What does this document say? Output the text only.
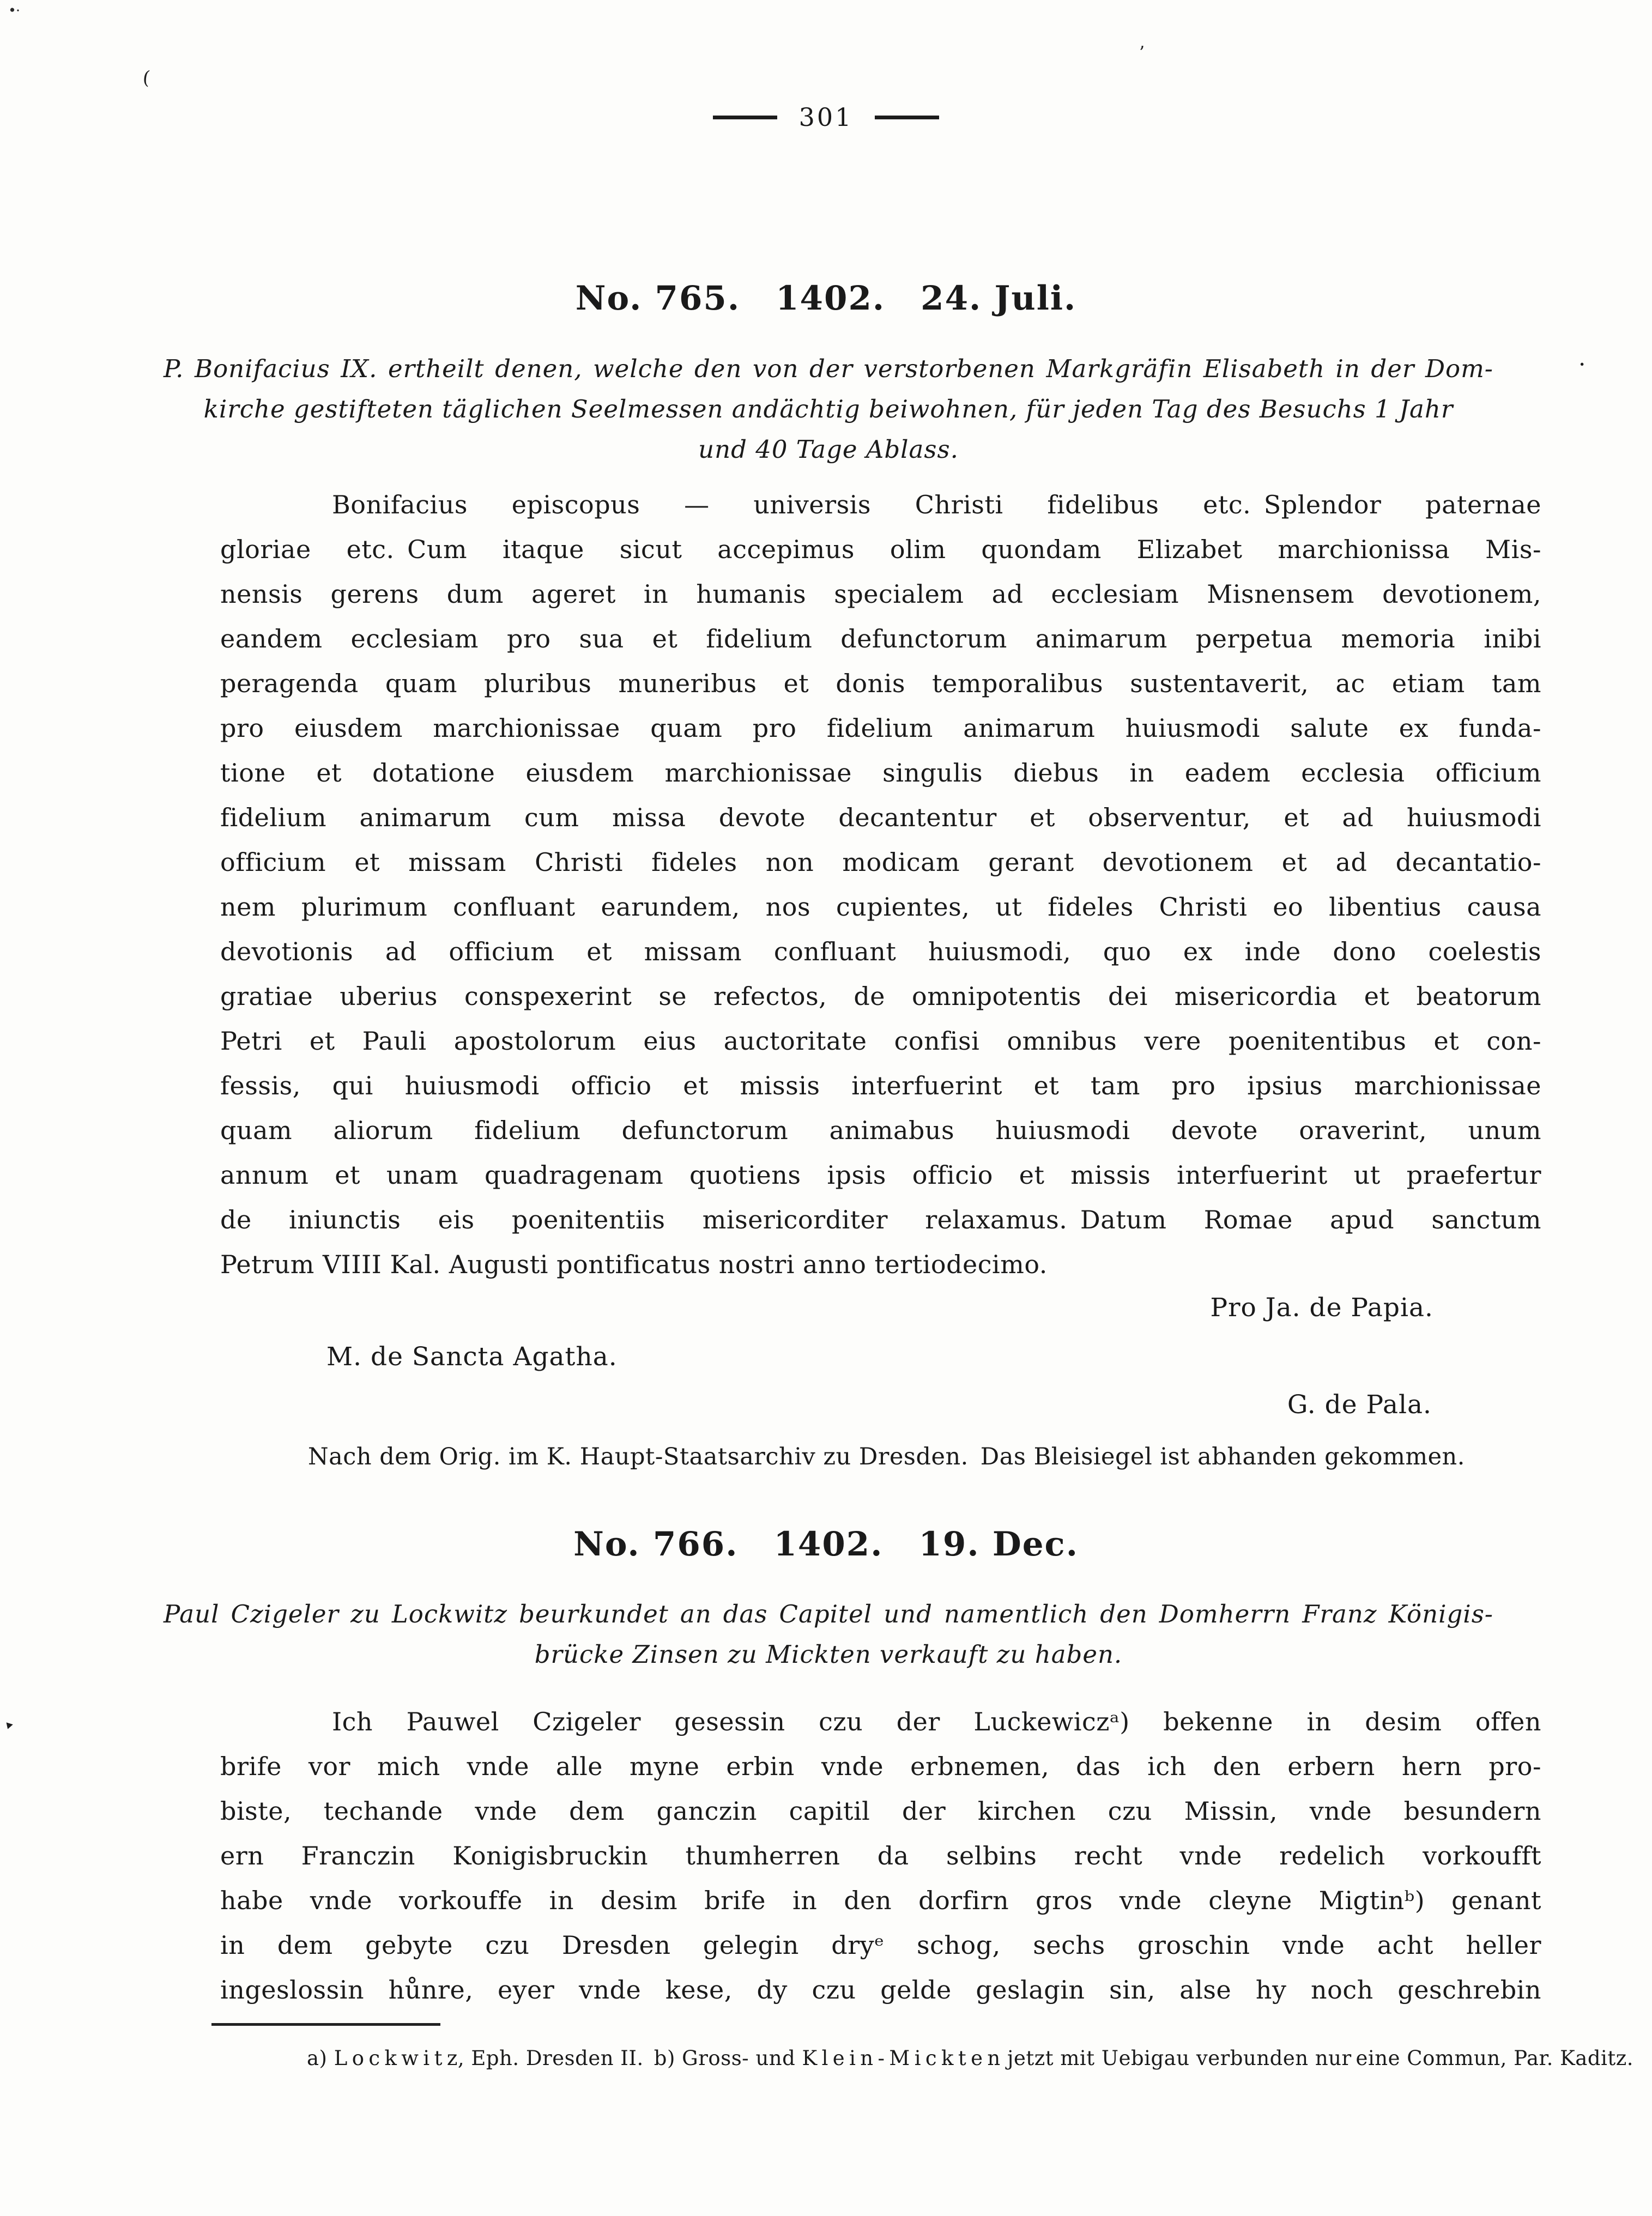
301
No. 765.  1402.  24. Juli.
P. Bonifacius IX. ertheilt denen, welche den von der verstorbenen Markgräfin Elisabeth in der Dom-
kirche gestifteten täglichen Seelmessen andächtig beiwohnen, für jeden Tag des Besuchs 1 Jahr
und 40 Tage Ablass.
Bonifacius episcopus — universis Christi fidelibus etc. Splendor paternae
gloriae etc. Cum itaque sicut accepimus olim quondam Elizabet marchionissa Mis-
nensis gerens dum ageret in humanis specialem ad ecclesiam Misnensem devotionem,
eandem ecclesiam pro sua et fidelium defunctorum animarum perpetua memoria inibi
peragenda quam pluribus muneribus et donis temporalibus sustentaverit, ac etiam tam
pro eiusdem marchionissae quam pro fidelium animarum huiusmodi salute ex funda-
tione et dotatione eiusdem marchionissae singulis diebus in eadem ecclesia officium
fidelium animarum cum missa devote decantentur et observentur, et ad huiusmodi
officium et missam Christi fideles non modicam gerant devotionem et ad decantatio-
nem plurimum confluant earundem, nos cupientes, ut fideles Christi eo libentius causa
devotionis ad officium et missam confluant huiusmodi, quo ex inde dono coelestis
gratiae uberius conspexerint se refectos, de omnipotentis dei misericordia et beatorum
Petri et Pauli apostolorum eius auctoritate confisi omnibus vere poenitentibus et con-
fessis, qui huiusmodi officio et missis interfuerint et tam pro ipsius marchionissae
quam aliorum fidelium defunctorum animabus huiusmodi devote oraverint, unum
annum et unam quadragenam quotiens ipsis officio et missis interfuerint ut praefertur
de iniunctis eis poenitentiis misericorditer relaxamus. Datum Romae apud sanctum
Petrum VIIII Kal. Augusti pontificatus nostri anno tertiodecimo.
Pro Ja. de Papia.
M. de Sancta Agatha.
G. de Pala.
Nach dem Orig. im K. Haupt-Staatsarchiv zu Dresden. Das Bleisiegel ist abhanden gekommen.
No. 766.  1402.  19. Dec.
Paul Czigeler zu Lockwitz beurkundet an das Capitel und namentlich den Domherrn Franz Königis-
brücke Zinsen zu Mickten verkauft zu haben.
Ich Pauwel Czigeler gesessin czu der Luckewiczᵃ) bekenne in desim offen
brife vor mich vnde alle myne erbin vnde erbnemen, das ich den erbern hern pro-
biste, techande vnde dem ganczin capitil der kirchen czu Missin, vnde besundern
ern Franczin Konigisbruckin thumherren da selbins recht vnde redelich vorkoufft
habe vnde vorkouffe in desim brife in den dorfirn gros vnde cleyne Migtinᵇ) genant
in dem gebyte czu Dresden gelegin dryᵉ schog, sechs groschin vnde acht heller
ingeslossin hůnre, eyer vnde kese, dy czu gelde geslagin sin, alse hy noch geschrebin
a) L o c k w i t z, Eph. Dresden II. b) Gross- und K l e i n - M i c k t e n jetzt mit Uebigau verbunden nur eine Commun, Par. Kaditz.
’
(
·
‣
∙·
